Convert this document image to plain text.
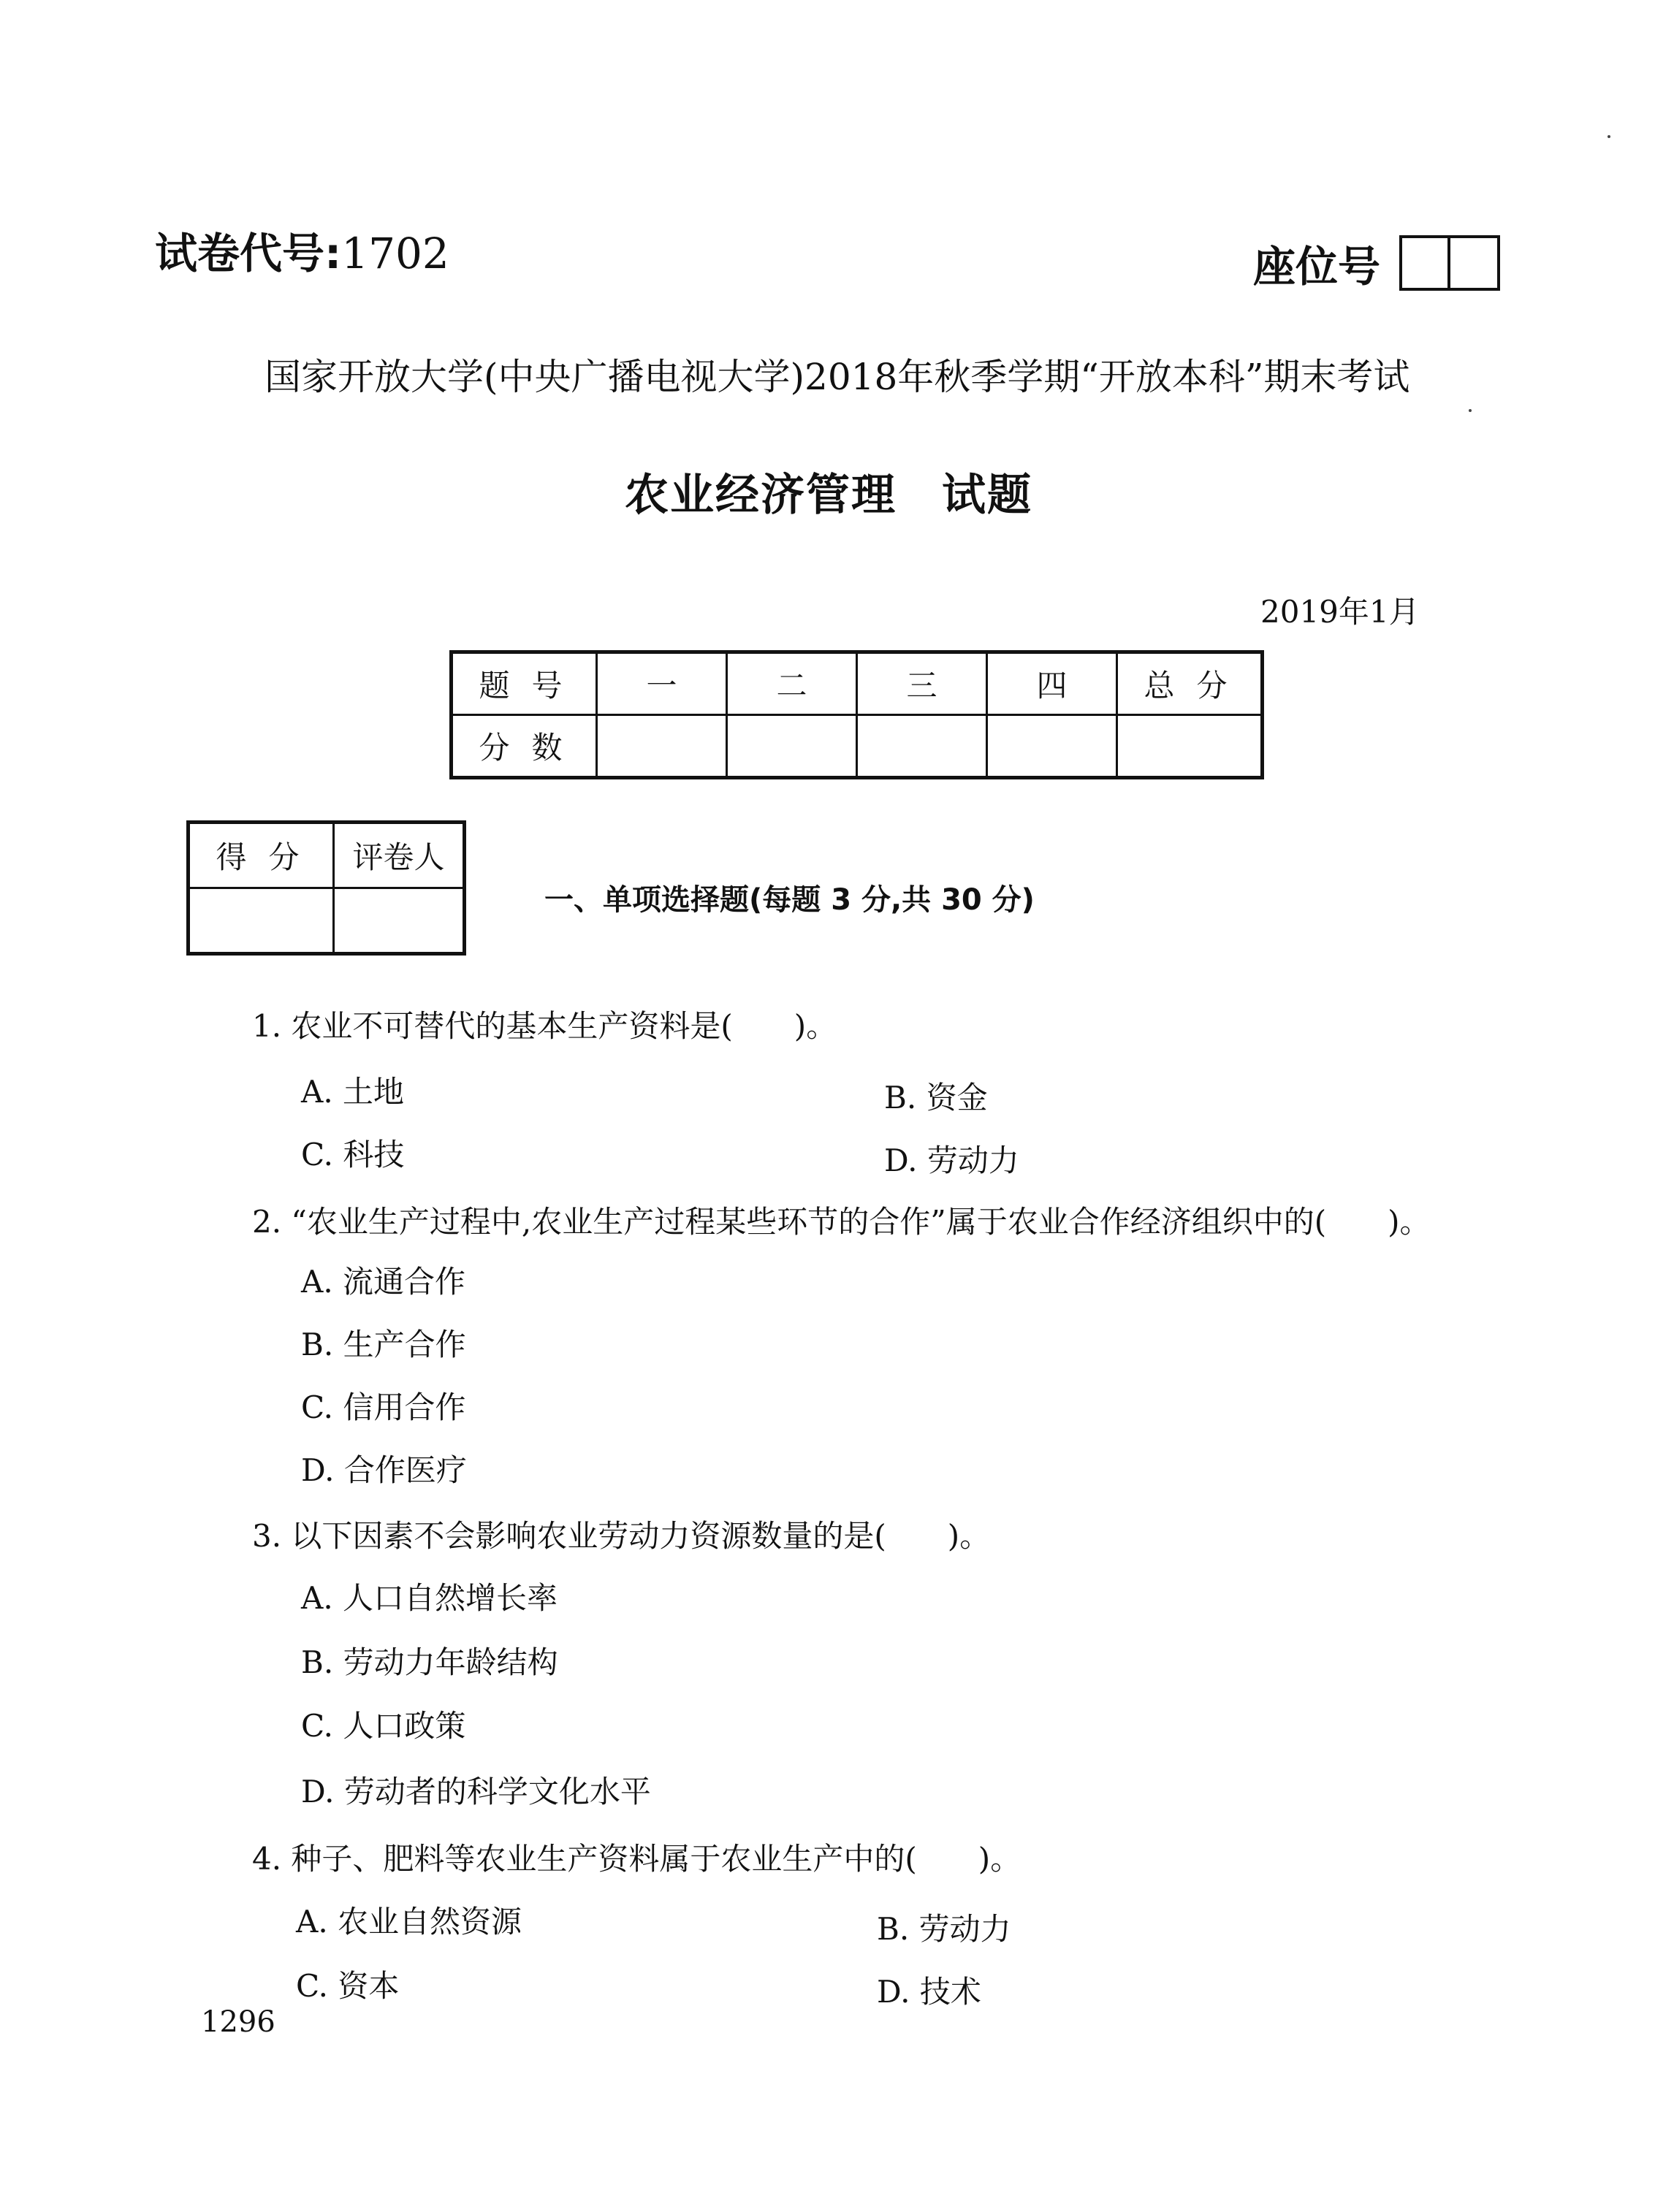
试卷代号:1702	座位号
国家开放大学(中央广播电视大学)2018年秋季学期“开放本科”期末考试
农业经济管理　试题
2019年1月
题号	一	二	三	四	总分
分数					
得分	评卷人

一、单项选择题(每题 3 分,共 30 分)
1. 农业不可替代的基本生产资料是(　　)。
A. 土地	B. 资金
C. 科技	D. 劳动力
2. “农业生产过程中,农业生产过程某些环节的合作”属于农业合作经济组织中的(　　)。
A. 流通合作
B. 生产合作
C. 信用合作
D. 合作医疗
3. 以下因素不会影响农业劳动力资源数量的是(　　)。
A. 人口自然增长率
B. 劳动力年龄结构
C. 人口政策
D. 劳动者的科学文化水平
4. 种子、肥料等农业生产资料属于农业生产中的(　　)。
A. 农业自然资源	B. 劳动力
C. 资本	D. 技术
1296
